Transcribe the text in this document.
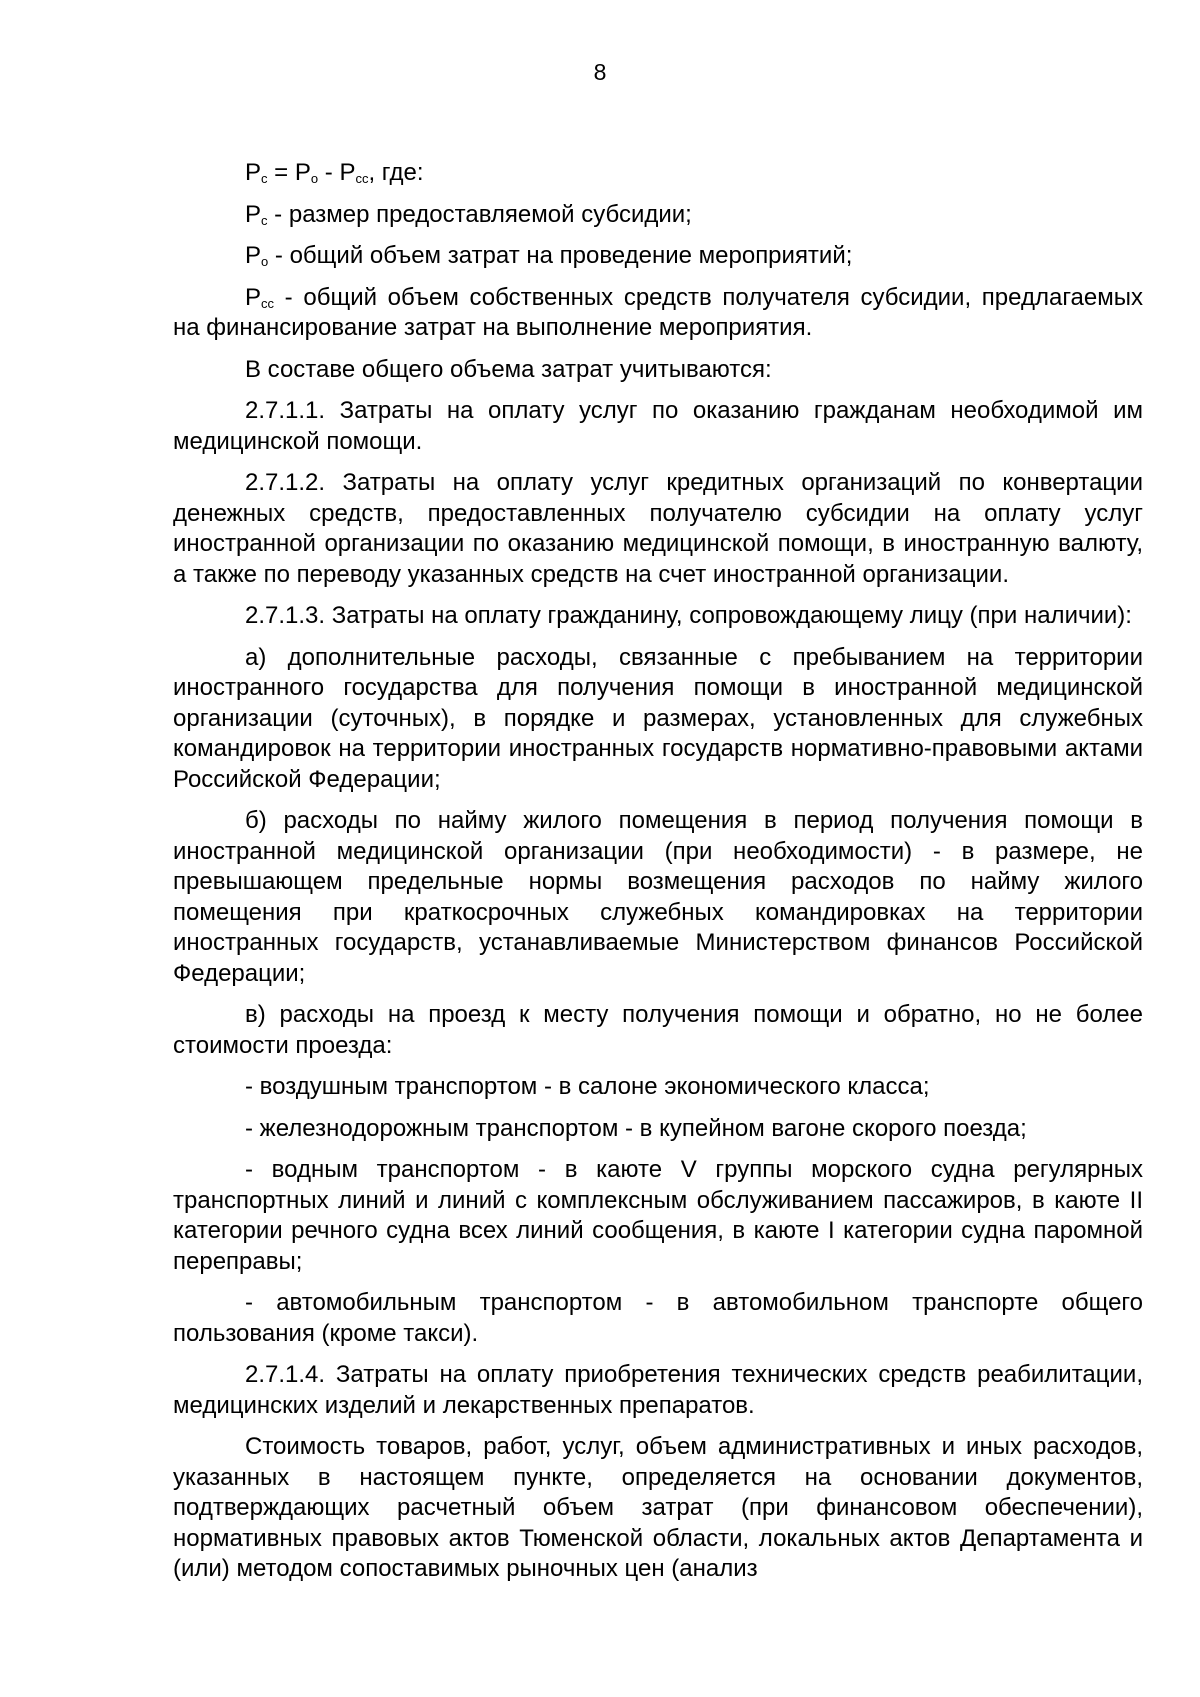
8

$P_с = P_о - P_{сс}$, где:

$P_с$ - размер предоставляемой субсидии;

$P_о$ - общий объем затрат на проведение мероприятий;

$P_{сс}$ - общий объем собственных средств получателя субсидии, предлагаемых на финансирование затрат на выполнение мероприятия.

В составе общего объема затрат учитываются:

2.7.1.1. Затраты на оплату услуг по оказанию гражданам необходимой им медицинской помощи.

2.7.1.2. Затраты на оплату услуг кредитных организаций по конвертации денежных средств, предоставленных получателю субсидии на оплату услуг иностранной организации по оказанию медицинской помощи, в иностранную валюту, а также по переводу указанных средств на счет иностранной организации.

2.7.1.3. Затраты на оплату гражданину, сопровождающему лицу (при наличии):

а) дополнительные расходы, связанные с пребыванием на территории иностранного государства для получения помощи в иностранной медицинской организации (суточных), в порядке и размерах, установленных для служебных командировок на территории иностранных государств нормативно-правовыми актами Российской Федерации;

б) расходы по найму жилого помещения в период получения помощи в иностранной медицинской организации (при необходимости) - в размере, не превышающем предельные нормы возмещения расходов по найму жилого помещения при краткосрочных служебных командировках на территории иностранных государств, устанавливаемые Министерством финансов Российской Федерации;

в) расходы на проезд к месту получения помощи и обратно, но не более стоимости проезда:

- воздушным транспортом - в салоне экономического класса;

- железнодорожным транспортом - в купейном вагоне скорого поезда;

- водным транспортом - в каюте V группы морского судна регулярных транспортных линий и линий с комплексным обслуживанием пассажиров, в каюте II категории речного судна всех линий сообщения, в каюте I категории судна паромной переправы;

- автомобильным транспортом - в автомобильном транспорте общего пользования (кроме такси).

2.7.1.4. Затраты на оплату приобретения технических средств реабилитации, медицинских изделий и лекарственных препаратов.

Стоимость товаров, работ, услуг, объем административных и иных расходов, указанных в настоящем пункте, определяется на основании документов, подтверждающих расчетный объем затрат (при финансовом обеспечении), нормативных правовых актов Тюменской области, локальных актов Департамента и (или) методом сопоставимых рыночных цен (анализ
